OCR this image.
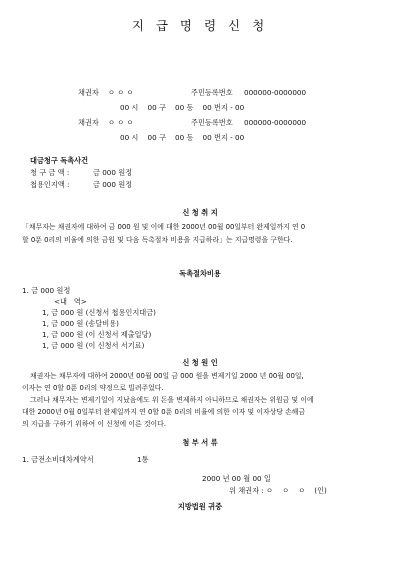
지 급 명 령 신 청
채권자 ㅇ ㅇ ㅇ	주민등록번호 000000-0000000
00 시    00 구    00 동    00 번지 - 00
채권자 ㅇ ㅇ ㅇ	주민등록번호 000000-0000000
00 시    00 구    00 동    00 번지 - 00
대금청구 독촉사건
청 구 금 액 :	금 000 원정
첩용인지액 :	금 000 원정
신 청 취 지
「채무자는 채권자에 대하여 금 000 원 및 이에 대한 2000년 00월 00일부터 완제일까지 연 0
할 0푼 0리의 비율에 의한 금원 및 다음 독촉절차 비용을 지급하라」는 지급명령을 구한다.
독촉절차비용
1. 금 000 원정
<내   역>
1, 금 000 원 (신청서 첩용인지대금)
1, 금 000 원 (송달비용)
1, 금 000 원 (이 신청서 제출일당)
1, 금 000 원 (이 신청서 서기료)
신 청 원 인
채권자는 채무자에 대하여 2000년 00월 00일 금 000 원을 변제기일 2000 년 00월 00일,
이자는 연 0할 0푼 0리의 약정으로 빌려주었다.
그러나 채무자는 변제기일이 지났음에도 위 돈을 변제하지 아니하므로 채권자는 위원금 및 이에
대한 2000년 0월 0일부터 완제일까지 연 0할 0푼 0리의 비율에 의한 이자 및 이자상당 손해금
의 지급을 구하기 위하여 이 신청에 이른 것이다.
첨 부 서 류
1. 금전소비대차계약서	1통
2000 년 00 월 00 일
위 채권자 : ㅇ    ㅇ    ㅇ    (인)
지방법원 귀중
